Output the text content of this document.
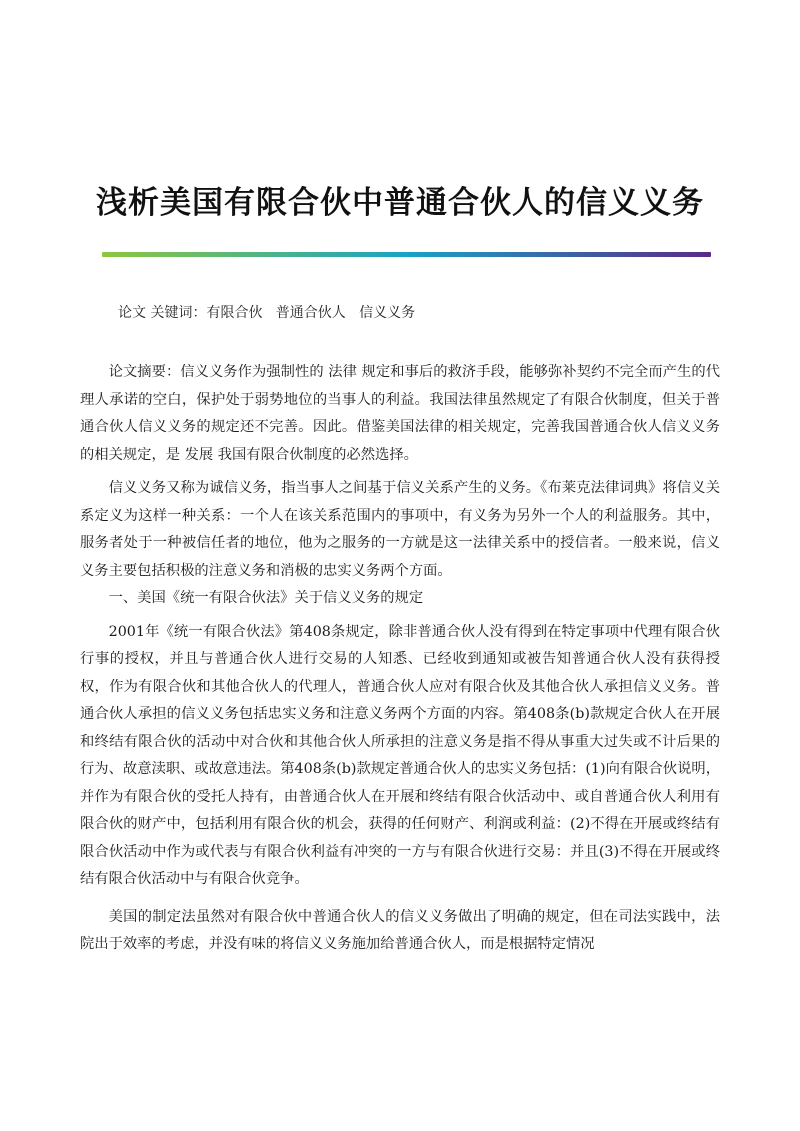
浅析美国有限合伙中普通合伙人的信义义务
论文 关键词：有限合伙   普通合伙人   信义义务

论文摘要：信义义务作为强制性的 法律 规定和事后的救济手段，能够弥补契约不完全而产生的代理人承诺的空白，保护处于弱势地位的当事人的利益。我国法律虽然规定了有限合伙制度，但关于普通合伙人信义义务的规定还不完善。因此。借鉴美国法律的相关规定，完善我国普通合伙人信义义务的相关规定，是 发展 我国有限合伙制度的必然选择。

信义义务又称为诚信义务，指当事人之间基于信义关系产生的义务。《布莱克法律词典》将信义关系定义为这样一种关系：一个人在该关系范围内的事项中，有义务为另外一个人的利益服务。其中，服务者处于一种被信任者的地位，他为之服务的一方就是这一法律关系中的授信者。一般来说，信义义务主要包括积极的注意义务和消极的忠实义务两个方面。

一、美国《统一有限合伙法》关于信义义务的规定

2001年《统一有限合伙法》第408条规定，除非普通合伙人没有得到在特定事项中代理有限合伙行事的授权，并且与普通合伙人进行交易的人知悉、已经收到通知或被告知普通合伙人没有获得授权，作为有限合伙和其他合伙人的代理人，普通合伙人应对有限合伙及其他合伙人承担信义义务。普通合伙人承担的信义义务包括忠实义务和注意义务两个方面的内容。第408条(b)款规定合伙人在开展和终结有限合伙的活动中对合伙和其他合伙人所承担的注意义务是指不得从事重大过失或不计后果的行为、故意渎职、或故意违法。第408条(b)款规定普通合伙人的忠实义务包括：(1)向有限合伙说明，并作为有限合伙的受托人持有，由普通合伙人在开展和终结有限合伙活动中、或自普通合伙人利用有限合伙的财产中，包括利用有限合伙的机会，获得的任何财产、利润或利益：(2)不得在开展或终结有限合伙活动中作为或代表与有限合伙利益有冲突的一方与有限合伙进行交易：并且(3)不得在开展或终结有限合伙活动中与有限合伙竞争。

美国的制定法虽然对有限合伙中普通合伙人的信义义务做出了明确的规定，但在司法实践中，法院出于效率的考虑，并没有味的将信义义务施加给普通合伙人，而是根据特定情况
